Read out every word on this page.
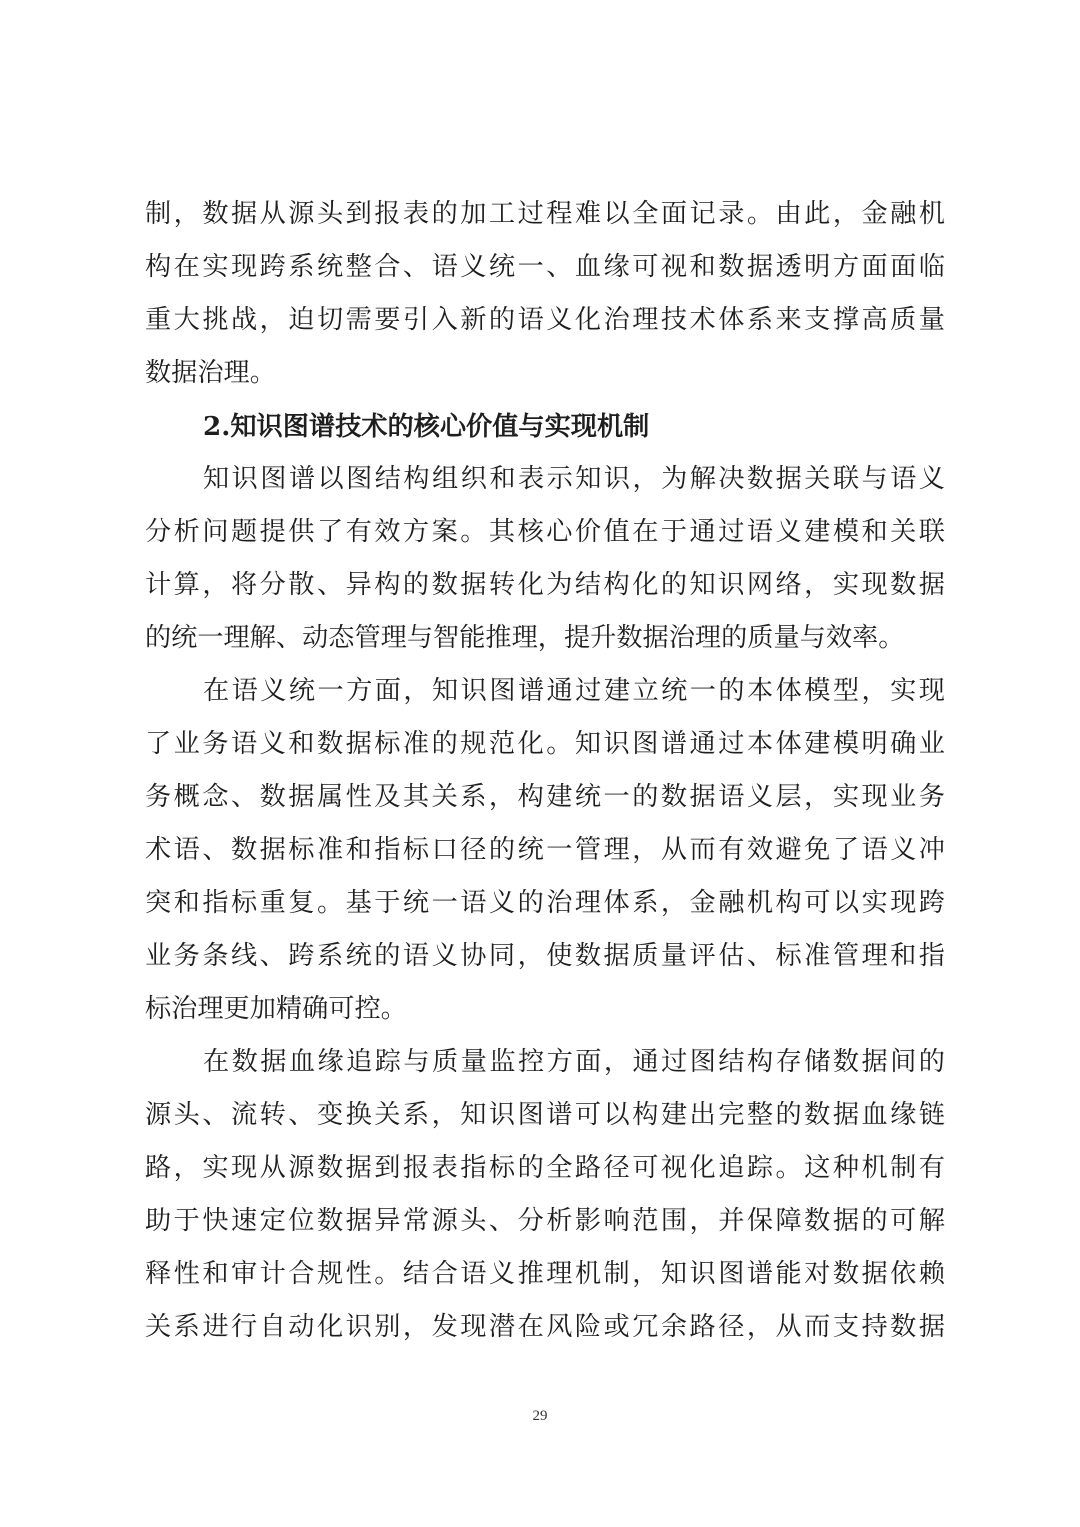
制，数据从源头到报表的加工过程难以全面记录。由此，金融机
构在实现跨系统整合、语义统一、血缘可视和数据透明方面面临
重大挑战，迫切需要引入新的语义化治理技术体系来支撑高质量
数据治理。
2.知识图谱技术的核心价值与实现机制
知识图谱以图结构组织和表示知识，为解决数据关联与语义
分析问题提供了有效方案。其核心价值在于通过语义建模和关联
计算，将分散、异构的数据转化为结构化的知识网络，实现数据
的统一理解、动态管理与智能推理，提升数据治理的质量与效率。
在语义统一方面，知识图谱通过建立统一的本体模型，实现
了业务语义和数据标准的规范化。知识图谱通过本体建模明确业
务概念、数据属性及其关系，构建统一的数据语义层，实现业务
术语、数据标准和指标口径的统一管理，从而有效避免了语义冲
突和指标重复。基于统一语义的治理体系，金融机构可以实现跨
业务条线、跨系统的语义协同，使数据质量评估、标准管理和指
标治理更加精确可控。
在数据血缘追踪与质量监控方面，通过图结构存储数据间的
源头、流转、变换关系，知识图谱可以构建出完整的数据血缘链
路，实现从源数据到报表指标的全路径可视化追踪。这种机制有
助于快速定位数据异常源头、分析影响范围，并保障数据的可解
释性和审计合规性。结合语义推理机制，知识图谱能对数据依赖
关系进行自动化识别，发现潜在风险或冗余路径，从而支持数据
29
